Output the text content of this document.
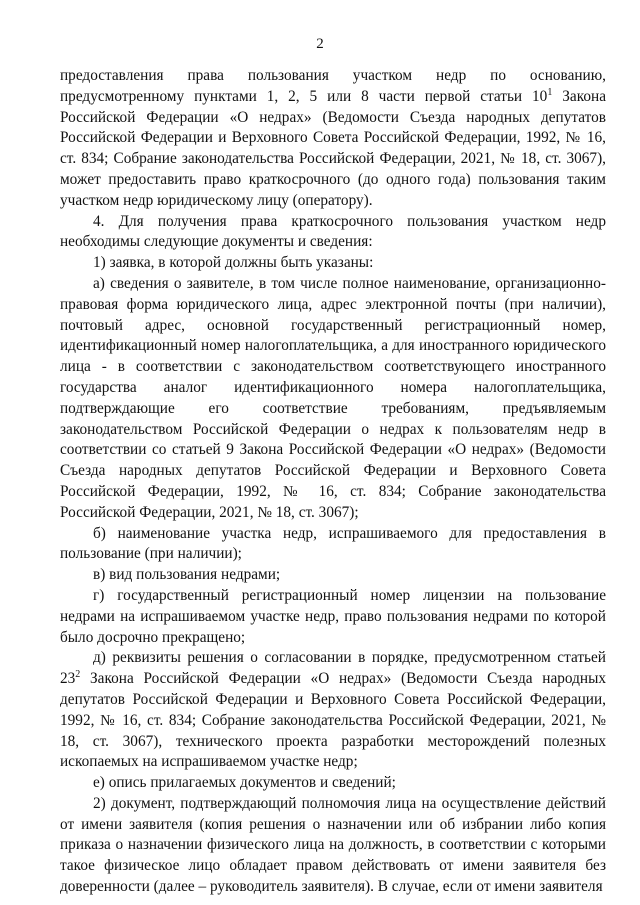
2

предоставления права пользования участком недр по основанию, предусмотренному пунктами 1, 2, 5 или 8 части первой статьи $10^1$ Закона Российской Федерации «О недрах» (Ведомости Съезда народных депутатов Российской Федерации и Верховного Совета Российской Федерации, 1992, № 16, ст. 834; Собрание законодательства Российской Федерации, 2021, № 18, ст. 3067), может предоставить право краткосрочного (до одного года) пользования таким участком недр юридическому лицу (оператору).

4. Для получения права краткосрочного пользования участком недр необходимы следующие документы и сведения:

1) заявка, в которой должны быть указаны:

а) сведения о заявителе, в том числе полное наименование, организационно-правовая форма юридического лица, адрес электронной почты (при наличии), почтовый адрес, основной государственный регистрационный номер, идентификационный номер налогоплательщика, а для иностранного юридического лица - в соответствии с законодательством соответствующего иностранного государства аналог идентификационного номера налогоплательщика, подтверждающие его соответствие требованиям, предъявляемым законодательством Российской Федерации о недрах к пользователям недр в соответствии со статьей 9 Закона Российской Федерации «О недрах» (Ведомости Съезда народных депутатов Российской Федерации и Верховного Совета Российской Федерации, 1992, № 16, ст. 834; Собрание законодательства Российской Федерации, 2021, № 18, ст. 3067);

б) наименование участка недр, испрашиваемого для предоставления в пользование (при наличии);

в) вид пользования недрами;

г) государственный регистрационный номер лицензии на пользование недрами на испрашиваемом участке недр, право пользования недрами по которой было досрочно прекращено;

д) реквизиты решения о согласовании в порядке, предусмотренном статьей $23^2$ Закона Российской Федерации «О недрах» (Ведомости Съезда народных депутатов Российской Федерации и Верховного Совета Российской Федерации, 1992, № 16, ст. 834; Собрание законодательства Российской Федерации, 2021, № 18, ст. 3067), технического проекта разработки месторождений полезных ископаемых на испрашиваемом участке недр;

е) опись прилагаемых документов и сведений;

2) документ, подтверждающий полномочия лица на осуществление действий от имени заявителя (копия решения о назначении или об избрании либо копия приказа о назначении физического лица на должность, в соответствии с которыми такое физическое лицо обладает правом действовать от имени заявителя без доверенности (далее – руководитель заявителя). В случае, если от имени заявителя
